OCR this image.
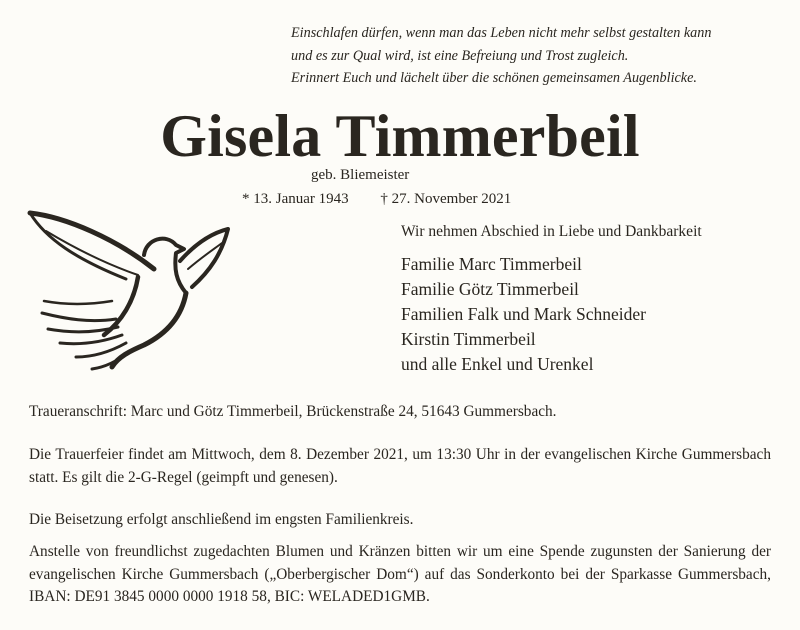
Einschlafen dürfen, wenn man das Leben nicht mehr selbst gestalten kann
und es zur Qual wird, ist eine Befreiung und Trost zugleich.
Erinnert Euch und lächelt über die schönen gemeinsamen Augenblicke.
Gisela Timmerbeil
geb. Bliemeister
* 13. Januar 1943 † 27. November 2021
Wir nehmen Abschied in Liebe und Dankbarkeit
Familie Marc Timmerbeil
Familie Götz Timmerbeil
Familien Falk und Mark Schneider
Kirstin Timmerbeil
und alle Enkel und Urenkel
Traueranschrift: Marc und Götz Timmerbeil, Brückenstraße 24, 51643 Gummersbach.
Die Trauerfeier findet am Mittwoch, dem 8. Dezember 2021, um 13:30 Uhr in der evangelischen Kirche Gummersbach statt. Es gilt die 2-G-Regel (geimpft und genesen).
Die Beisetzung erfolgt anschließend im engsten Familienkreis.
Anstelle von freundlichst zugedachten Blumen und Kränzen bitten wir um eine Spende zugunsten der Sanierung der evangelischen Kirche Gummersbach („Oberbergischer Dom“) auf das Sonderkonto bei der Sparkasse Gummersbach, IBAN: DE91 3845 0000 0000 1918 58, BIC: WELADED1GMB.
